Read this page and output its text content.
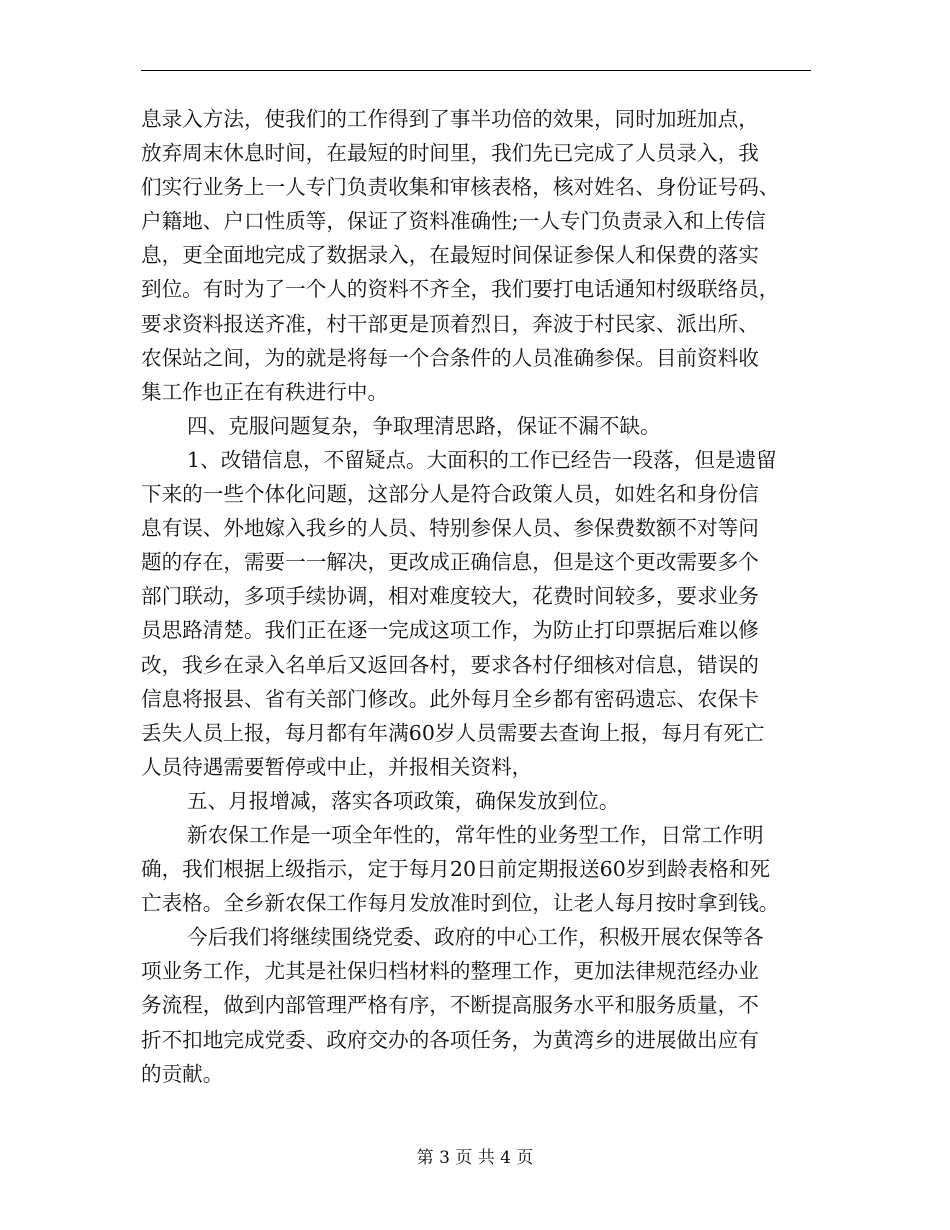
息录入方法，使我们的工作得到了事半功倍的效果，同时加班加点，
放弃周末休息时间，在最短的时间里，我们先已完成了人员录入，我
们实行业务上一人专门负责收集和审核表格，核对姓名、身份证号码、
户籍地、户口性质等，保证了资料准确性;一人专门负责录入和上传信
息，更全面地完成了数据录入，在最短时间保证参保人和保费的落实
到位。有时为了一个人的资料不齐全，我们要打电话通知村级联络员，
要求资料报送齐准，村干部更是顶着烈日，奔波于村民家、派出所、
农保站之间，为的就是将每一个合条件的人员准确参保。目前资料收
集工作也正在有秩进行中。
四、克服问题复杂，争取理清思路，保证不漏不缺。
1、改错信息，不留疑点。大面积的工作已经告一段落，但是遗留
下来的一些个体化问题，这部分人是符合政策人员，如姓名和身份信
息有误、外地嫁入我乡的人员、特别参保人员、参保费数额不对等问
题的存在，需要一一解决，更改成正确信息，但是这个更改需要多个
部门联动，多项手续协调，相对难度较大，花费时间较多，要求业务
员思路清楚。我们正在逐一完成这项工作，为防止打印票据后难以修
改，我乡在录入名单后又返回各村，要求各村仔细核对信息，错误的
信息将报县、省有关部门修改。此外每月全乡都有密码遗忘、农保卡
丢失人员上报，每月都有年满60岁人员需要去查询上报，每月有死亡
人员待遇需要暂停或中止，并报相关资料，
五、月报增减，落实各项政策，确保发放到位。
新农保工作是一项全年性的，常年性的业务型工作，日常工作明
确，我们根据上级指示，定于每月20日前定期报送60岁到龄表格和死
亡表格。全乡新农保工作每月发放准时到位，让老人每月按时拿到钱。
今后我们将继续围绕党委、政府的中心工作，积极开展农保等各
项业务工作，尤其是社保归档材料的整理工作，更加法律规范经办业
务流程，做到内部管理严格有序，不断提高服务水平和服务质量，不
折不扣地完成党委、政府交办的各项任务，为黄湾乡的进展做出应有
的贡献。
第 3 页 共 4 页
